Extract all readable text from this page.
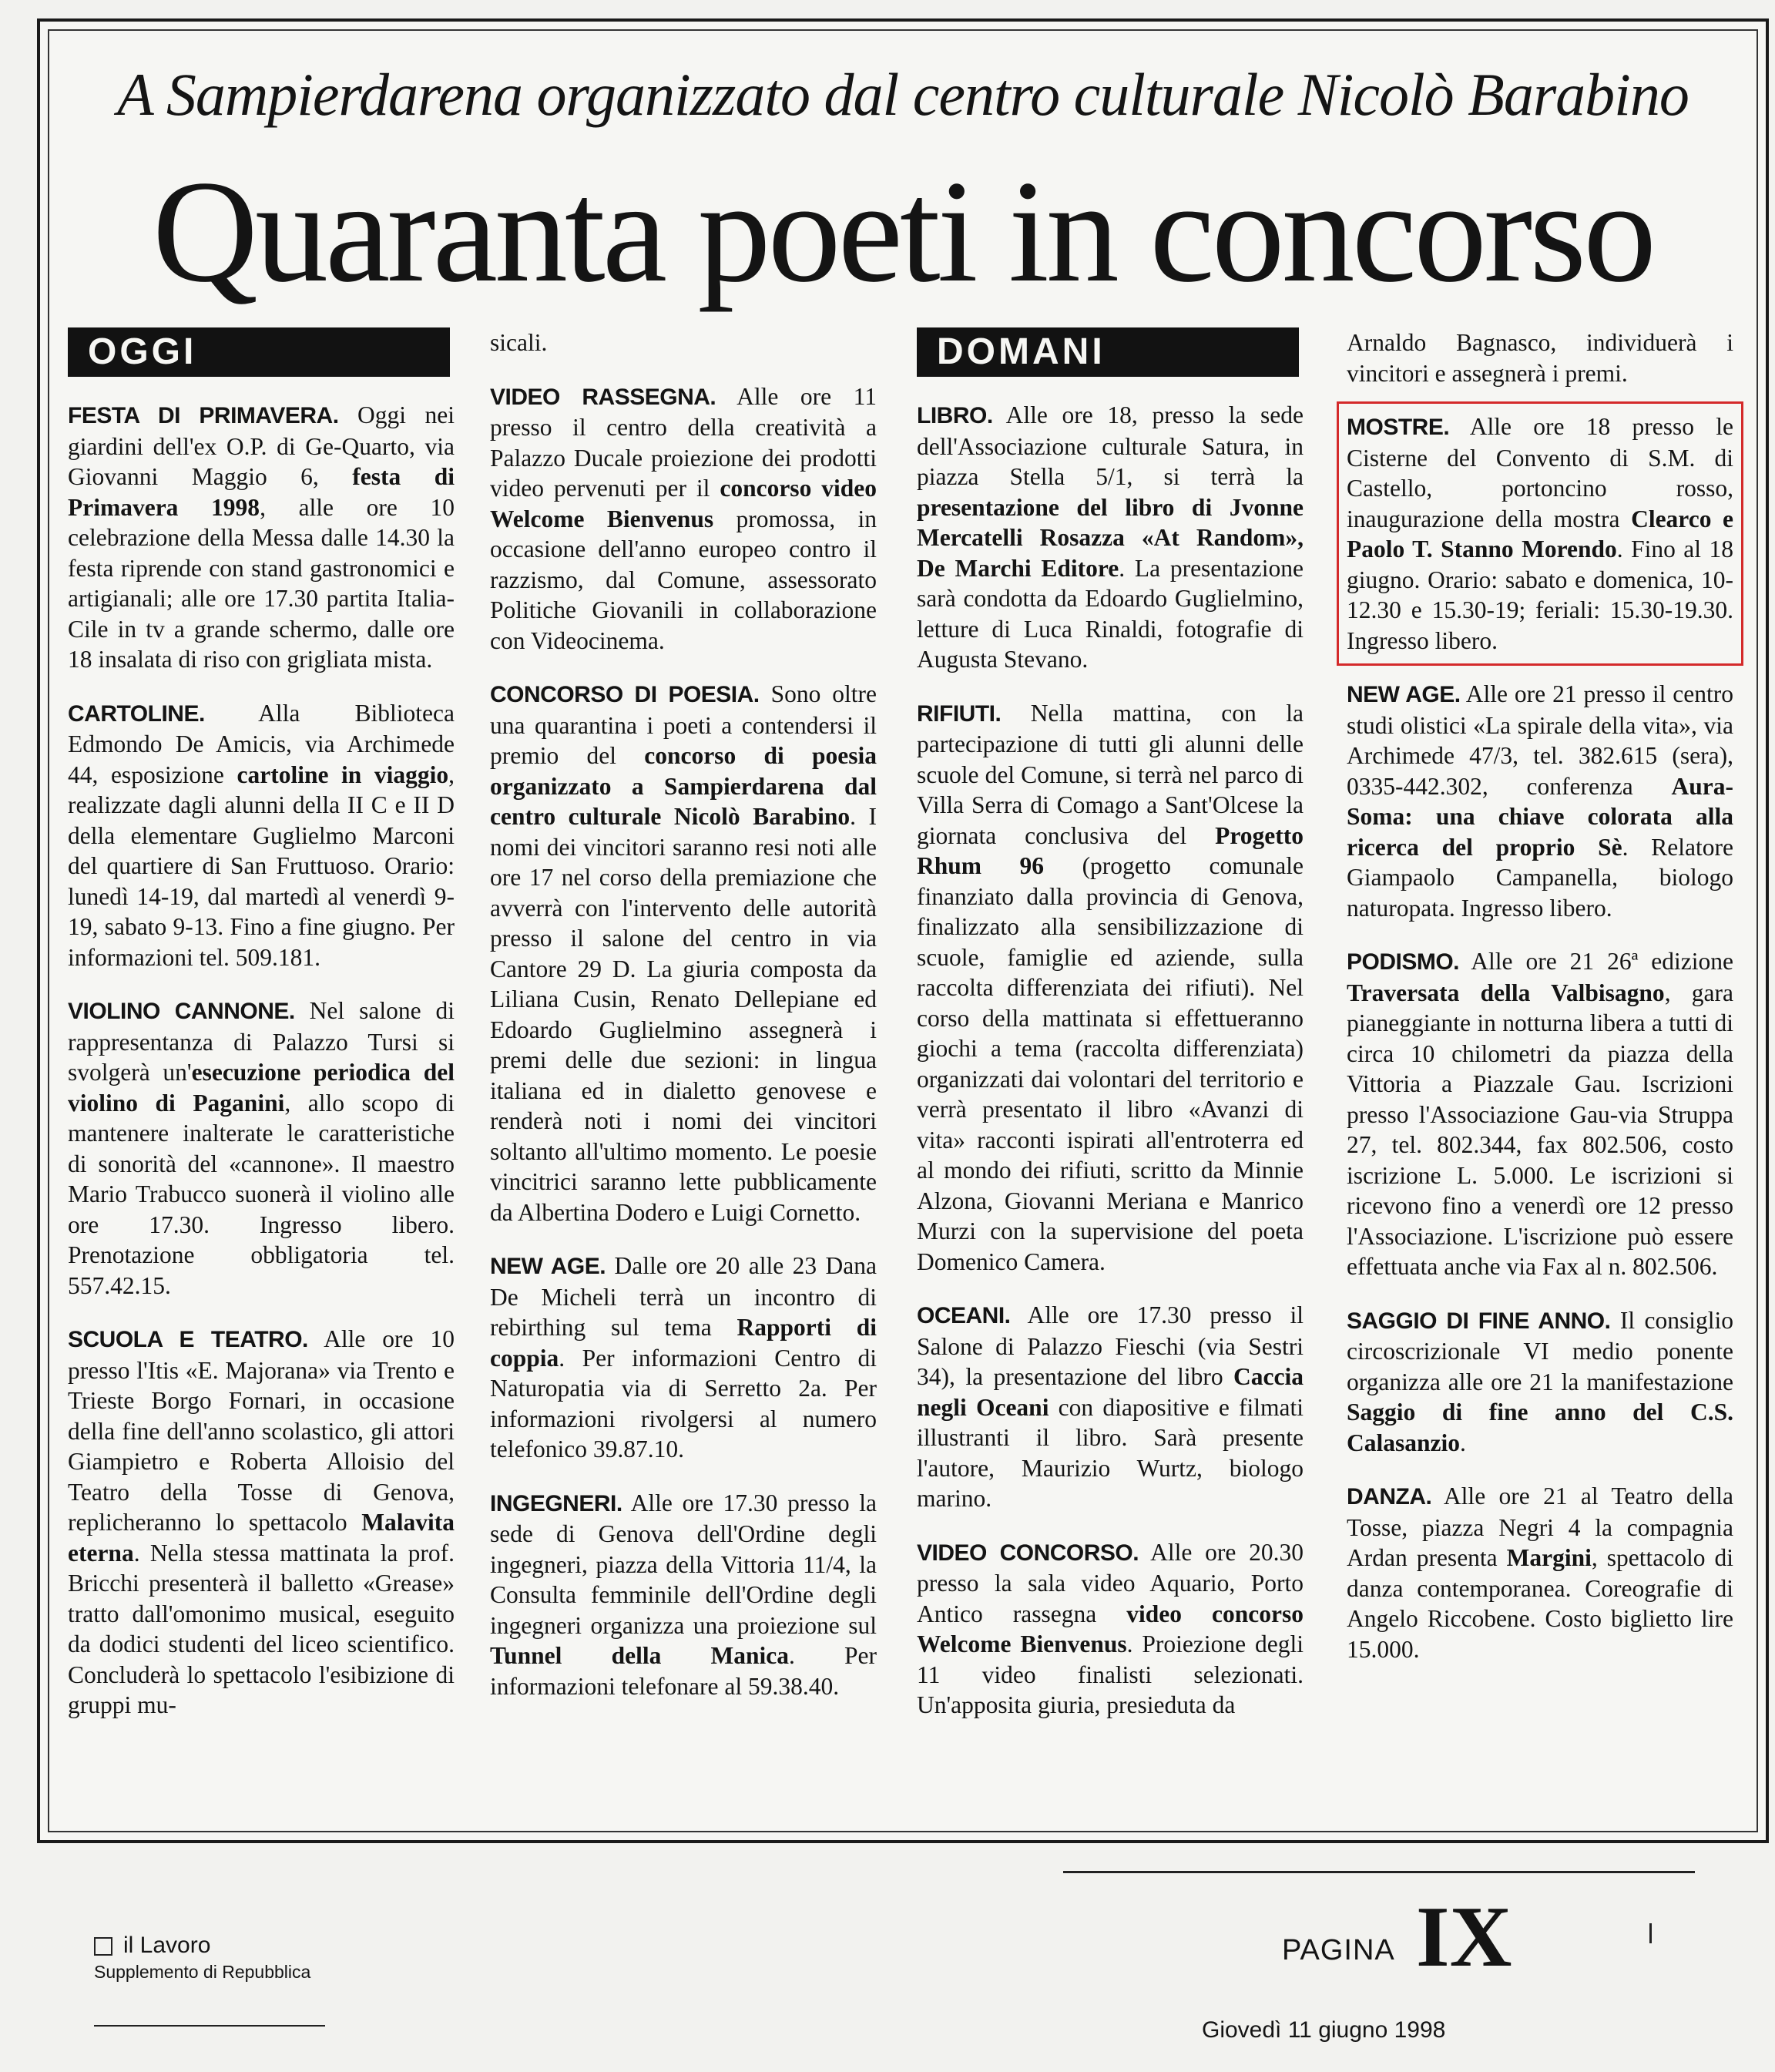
A Sampierdarena organizzato dal centro culturale Nicolò Barabino
Quaranta poeti in concorso
OGGI

FESTA DI PRIMAVERA. Oggi nei giardini dell'ex O.P. di Ge-Quarto, via Giovanni Maggio 6, festa di Primavera 1998, alle ore 10 celebrazione della Messa dalle 14.30 la festa riprende con stand gastronomici e artigianali; alle ore 17.30 partita Italia-Cile in tv a grande schermo, dalle ore 18 insalata di riso con grigliata mista.

CARTOLINE. Alla Biblioteca Edmondo De Amicis, via Archimede 44, esposizione cartoline in viaggio, realizzate dagli alunni della II C e II D della elementare Guglielmo Marconi del quartiere di San Fruttuoso. Orario: lunedì 14-19, dal martedì al venerdì 9-19, sabato 9-13. Fino a fine giugno. Per informazioni tel. 509.181.

VIOLINO CANNONE. Nel salone di rappresentanza di Palazzo Tursi si svolgerà un'esecuzione periodica del violino di Paganini, allo scopo di mantenere inalterate le caratteristiche di sonorità del «cannone». Il maestro Mario Trabucco suonerà il violino alle ore 17.30. Ingresso libero. Prenotazione obbligatoria tel. 557.42.15.

SCUOLA E TEATRO. Alle ore 10 presso l'Itis «E. Majorana» via Trento e Trieste Borgo Fornari, in occasione della fine dell'anno scolastico, gli attori Giampietro e Roberta Alloisio del Teatro della Tosse di Genova, replicheranno lo spettacolo Malavita eterna. Nella stessa mattinata la prof. Bricchi presenterà il balletto «Grease» tratto dall'omonimo musical, eseguito da dodici studenti del liceo scientifico. Concluderà lo spettacolo l'esibizione di gruppi mu-

sicali.

VIDEO RASSEGNA. Alle ore 11 presso il centro della creatività a Palazzo Ducale proiezione dei prodotti video pervenuti per il concorso video Welcome Bienvenus promossa, in occasione dell'anno europeo contro il razzismo, dal Comune, assessorato Politiche Giovanili in collaborazione con Videocinema.

CONCORSO DI POESIA. Sono oltre una quarantina i poeti a contendersi il premio del concorso di poesia organizzato a Sampierdarena dal centro culturale Nicolò Barabino. I nomi dei vincitori saranno resi noti alle ore 17 nel corso della premiazione che avverrà con l'intervento delle autorità presso il salone del centro in via Cantore 29 D. La giuria composta da Liliana Cusin, Renato Dellepiane ed Edoardo Guglielmino assegnerà i premi delle due sezioni: in lingua italiana ed in dialetto genovese e renderà noti i nomi dei vincitori soltanto all'ultimo momento. Le poesie vincitrici saranno lette pubblicamente da Albertina Dodero e Luigi Cornetto.

NEW AGE. Dalle ore 20 alle 23 Dana De Micheli terrà un incontro di rebirthing sul tema Rapporti di coppia. Per informazioni Centro di Naturopatia via di Serretto 2a. Per informazioni rivolgersi al numero telefonico 39.87.10.

INGEGNERI. Alle ore 17.30 presso la sede di Genova dell'Ordine degli ingegneri, piazza della Vittoria 11/4, la Consulta femminile dell'Ordine degli ingegneri organizza una proiezione sul Tunnel della Manica. Per informazioni telefonare al 59.38.40.

DOMANI

LIBRO. Alle ore 18, presso la sede dell'Associazione culturale Satura, in piazza Stella 5/1, si terrà la presentazione del libro di Jvonne Mercatelli Rosazza «At Random», De Marchi Editore. La presentazione sarà condotta da Edoardo Guglielmino, letture di Luca Rinaldi, fotografie di Augusta Stevano.

RIFIUTI. Nella mattina, con la partecipazione di tutti gli alunni delle scuole del Comune, si terrà nel parco di Villa Serra di Comago a Sant'Olcese la giornata conclusiva del Progetto Rhum 96 (progetto comunale finanziato dalla provincia di Genova, finalizzato alla sensibilizzazione di scuole, famiglie ed aziende, sulla raccolta differenziata dei rifiuti). Nel corso della mattinata si effettueranno giochi a tema (raccolta differenziata) organizzati dai volontari del territorio e verrà presentato il libro «Avanzi di vita» racconti ispirati all'entroterra ed al mondo dei rifiuti, scritto da Minnie Alzona, Giovanni Meriana e Manrico Murzi con la supervisione del poeta Domenico Camera.

OCEANI. Alle ore 17.30 presso il Salone di Palazzo Fieschi (via Sestri 34), la presentazione del libro Caccia negli Oceani con diapositive e filmati illustranti il libro. Sarà presente l'autore, Maurizio Wurtz, biologo marino.

VIDEO CONCORSO. Alle ore 20.30 presso la sala video Aquario, Porto Antico rassegna video concorso Welcome Bienvenus. Proiezione degli 11 video finalisti selezionati. Un'apposita giuria, presieduta da

Arnaldo Bagnasco, individuerà i vincitori e assegnerà i premi.

MOSTRE. Alle ore 18 presso le Cisterne del Convento di S.M. di Castello, portoncino rosso, inaugurazione della mostra Clearco e Paolo T. Stanno Morendo. Fino al 18 giugno. Orario: sabato e domenica, 10-12.30 e 15.30-19; feriali: 15.30-19.30. Ingresso libero.

NEW AGE. Alle ore 21 presso il centro studi olistici «La spirale della vita», via Archimede 47/3, tel. 382.615 (sera), 0335-442.302, conferenza Aura-Soma: una chiave colorata alla ricerca del proprio Sè. Relatore Giampaolo Campanella, biologo naturopata. Ingresso libero.

PODISMO. Alle ore 21 26ª edizione Traversata della Valbisagno, gara pianeggiante in notturna libera a tutti di circa 10 chilometri da piazza della Vittoria a Piazzale Gau. Iscrizioni presso l'Associazione Gau-via Struppa 27, tel. 802.344, fax 802.506, costo iscrizione L. 5.000. Le iscrizioni si ricevono fino a venerdì ore 12 presso l'Associazione. L'iscrizione può essere effettuata anche via Fax al n. 802.506.

SAGGIO DI FINE ANNO. Il consiglio circoscrizionale VI medio ponente organizza alle ore 21 la manifestazione Saggio di fine anno del C.S. Calasanzio.

DANZA. Alle ore 21 al Teatro della Tosse, piazza Negri 4 la compagnia Ardan presenta Margini, spettacolo di danza contemporanea. Coreografie di Angelo Riccobene. Costo biglietto lire 15.000.

il Lavoro
Supplemento di Repubblica
PAGINA IX
Giovedì 11 giugno 1998
